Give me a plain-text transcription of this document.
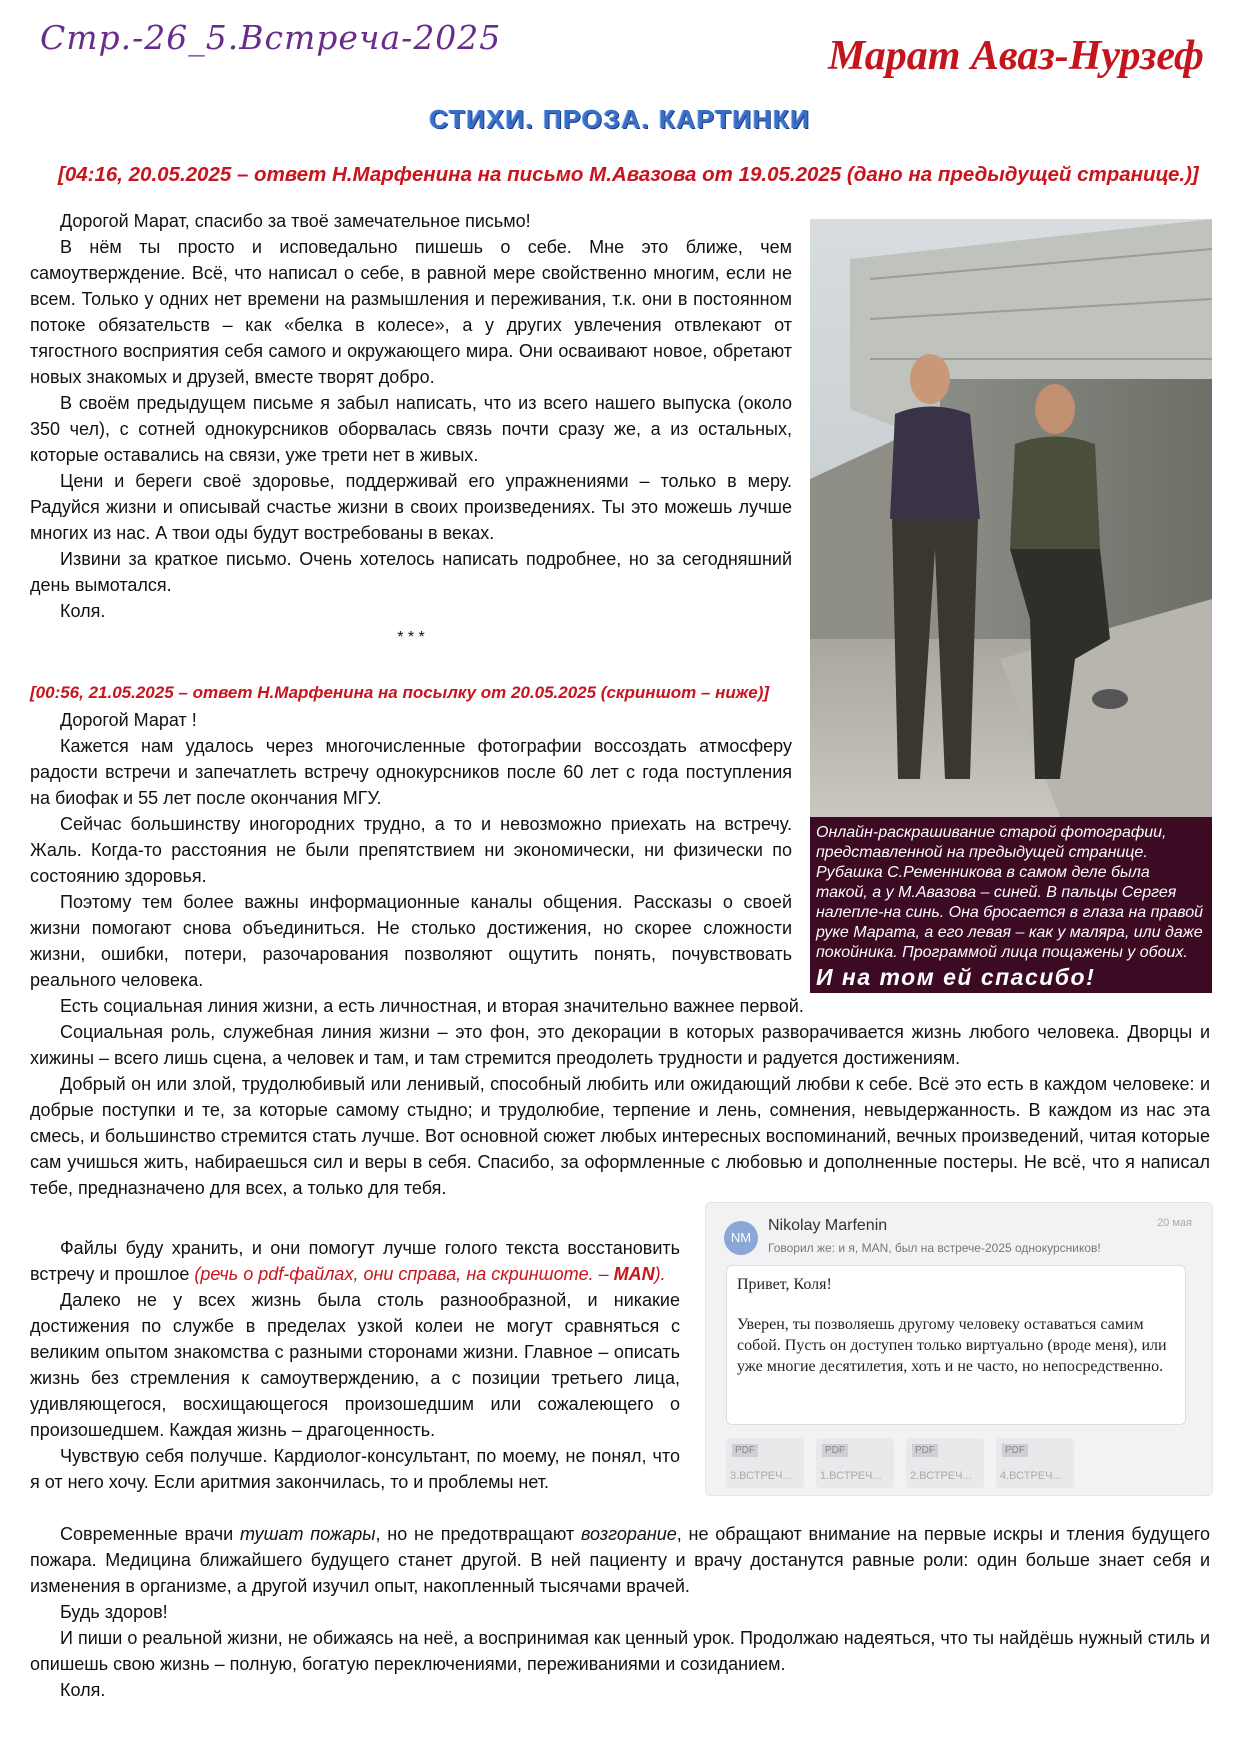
Стр.-26_5.Встреча-2025	Марат Аваз-Нурзеф
СТИХИ. ПРОЗА. КАРТИНКИ
[04:16, 20.05.2025 – ответ Н.Марфенина на письмо М.Авазова от 19.05.2025 (дано на предыдущей странице.)]

Дорогой Марат, спасибо за твоё замечательное письмо!

В нём ты просто и исповедально пишешь о себе. Мне это ближе, чем самоутверждение. Всё, что написал о себе, в равной мере свойственно многим, если не всем. Только у одних нет времени на размышления и переживания, т.к. они в постоянном потоке обязательств – как «белка в колесе», а у других увлечения отвлекают от тягостного восприятия себя самого и окружающего мира. Они осваивают новое, обретают новых знакомых и друзей, вместе творят добро.

В своём предыдущем письме я забыл написать, что из всего нашего выпуска (около 350 чел), с сотней однокурсников оборвалась связь почти сразу же, а из остальных, которые оставались на связи, уже трети нет в живых.

Цени и береги своё здоровье, поддерживай его упражнениями – только в меру. Радуйся жизни и описывай счастье жизни в своих произведениях. Ты это можешь лучше многих из нас. А твои оды будут востребованы в веках.

Извини за краткое письмо. Очень хотелось написать подробнее, но за сегодняшний день вымотался.

Коля.

* * *
[00:56, 21.05.2025 – ответ Н.Марфенина на посылку от 20.05.2025 (скриншот – ниже)]

Дорогой Марат !

Кажется нам удалось через многочисленные фотографии воссоздать атмосферу радости встречи и запечатлеть встречу однокурсников после 60 лет с года поступления на биофак и 55 лет после окончания МГУ.

Сейчас большинству иногородних трудно, а то и невозможно приехать на встречу. Жаль. Когда-то расстояния не были препятствием ни экономически, ни физически по состоянию здоровья.

Поэтому тем более важны информационные каналы общения. Рассказы о своей жизни помогают снова объединиться. Не столько достижения, но скорее сложности жизни, ошибки, потери, разочарования позволяют ощутить понять, почувствовать реального человека.

Онлайн-раскрашивание старой фотографии, представленной на предыдущей странице. Рубашка С.Ременникова в самом деле была такой, а у М.Авазова – синей. В пальцы Сергея налепле-на синь. Она бросается в глаза на правой руке Марата, а его левая – как у маляра, или даже покойника. Программой лица пощажены у обоих.
И на том ей спасибо!

Есть социальная линия жизни, а есть личностная, и вторая значительно важнее первой.

Социальная роль, служебная линия жизни – это фон, это декорации в которых разворачивается жизнь любого человека. Дворцы и хижины – всего лишь сцена, а человек и там, и там стремится преодолеть трудности и радуется достижениям.

Добрый он или злой, трудолюбивый или ленивый, способный любить или ожидающий любви к себе. Всё это есть в каждом человеке: и добрые поступки и те, за которые самому стыдно; и трудолюбие, терпение и лень, сомнения, невыдержанность. В каждом из нас эта смесь, и большинство стремится стать лучше. Вот основной сюжет любых интересных воспоминаний, вечных произведений, читая которые сам учишься жить, набираешься сил и веры в себя. Спасибо, за оформленные с любовью и дополненные постеры. Не всё, что я написал тебе, предназначено для всех, а только для тебя.

Файлы буду хранить, и они помогут лучше голого текста восстановить встречу и прошлое (речь о pdf-файлах, они справа, на скриншоте. – MAN).

Далеко не у всех жизнь была столь разнообразной, и никакие достижения по службе в пределах узкой колеи не могут сравняться с великим опытом знакомства с разными сторонами жизни. Главное – описать жизнь без стремления к самоутверждению, а с позиции третьего лица, удивляющегося, восхищающегося произошедшим или сожалеющего о произошедшем. Каждая жизнь – драгоценность.

Чувствую себя получше. Кардиолог-консультант, по моему, не понял, что я от него хочу. Если аритмия закончилась, то и проблемы нет.

Современные врачи тушат пожары, но не предотвращают возгорание, не обращают внимание на первые искры и тления будущего пожара. Медицина ближайшего будущего станет другой. В ней пациенту и врачу достанутся равные роли: один больше знает себя и изменения в организме, а другой изучил опыт, накопленный тысячами врачей.

Будь здоров!

И пиши о реальной жизни, не обижаясь на неё, а воспринимая как ценный урок. Продолжаю надеяться, что ты найдёшь нужный стиль и опишешь свою жизнь – полную, богатую переключениями, переживаниями и созиданием.

Коля.

NM
Nikolay Marfenin	20 мая
Говорил же: и я, MAN, был на встрече-2025 однокурсников!
Привет, Коля!
Уверен, ты позволяешь другому человеку оставаться самим собой. Пусть он доступен только виртуально (вроде меня), или уже многие десятилетия, хоть и не часто, но непосредственно.
PDF
3.ВСТРЕЧ...
PDF
1.ВСТРЕЧ...
PDF
2.ВСТРЕЧ...
PDF
4.ВСТРЕЧ...
